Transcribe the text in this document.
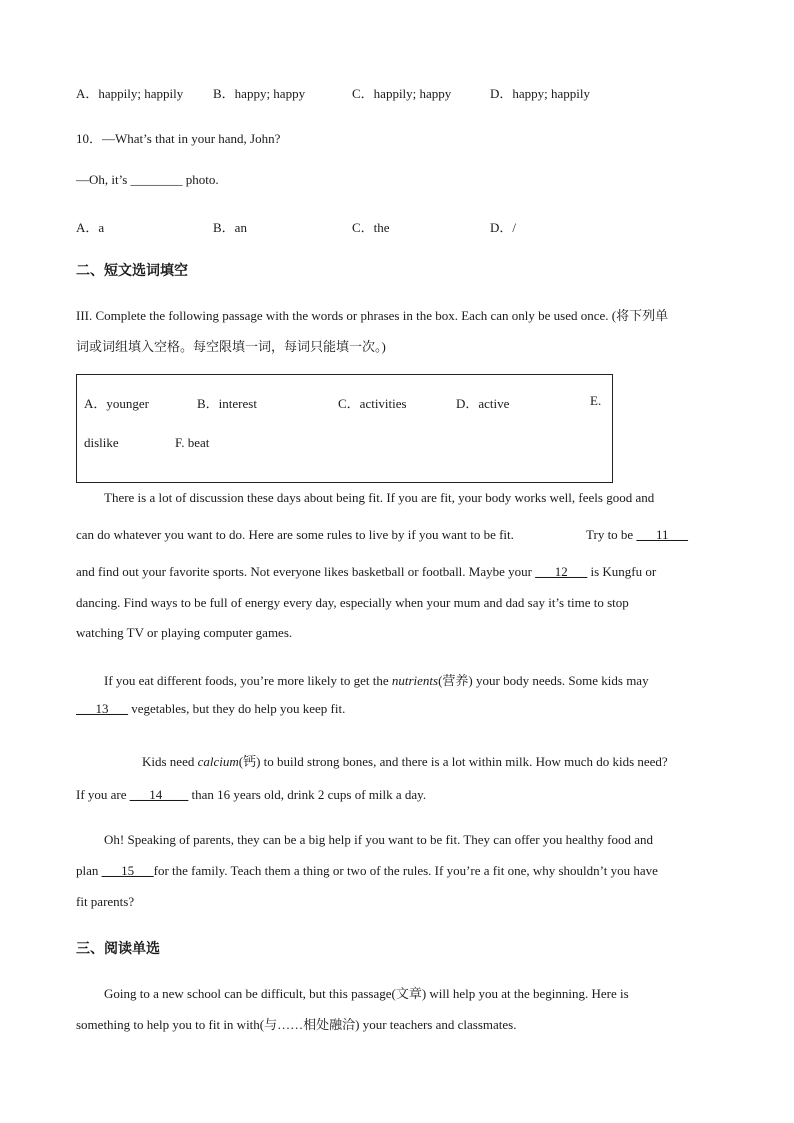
A．happily; happily B．happy; happy	C．happily; happy	D．happy; happily
10．—What’s that in your hand, John?
—Oh, it’s ________ photo.
A．a	B．an	C．the	D．/
二、短文选词填空
III. Complete the following passage with the words or phrases in the box. Each can only be used once. (将下列单
词或词组填入空格。每空限填一词，每词只能填一次。)
A．younger	B．interest	C．activities	D．active	E.
dislike	F. beat
There is a lot of discussion these days about being fit. If you are fit, your body works well, feels good and
can do whatever you want to do. Here are some rules to live by if you want to be fit.	Try to be ___11___
and find out your favorite sports. Not everyone likes basketball or football. Maybe your ___12___ is Kungfu or
dancing. Find ways to be full of energy every day, especially when your mum and dad say it’s time to stop
watching TV or playing computer games.
If you eat different foods, you’re more likely to get the nutrients(营养) your body needs. Some kids may
___13___ vegetables, but they do help you keep fit.
Kids need calcium(钙) to build strong bones, and there is a lot within milk. How much do kids need?
If you are ___14____ than 16 years old, drink 2 cups of milk a day.
Oh! Speaking of parents, they can be a big help if you want to be fit. They can offer you healthy food and
plan ___15___for the family. Teach them a thing or two of the rules. If you’re a fit one, why shouldn’t you have
fit parents?
三、阅读单选
Going to a new school can be difficult, but this passage(文章) will help you at the beginning. Here is
something to help you to fit in with(与……相处融洽) your teachers and classmates.
